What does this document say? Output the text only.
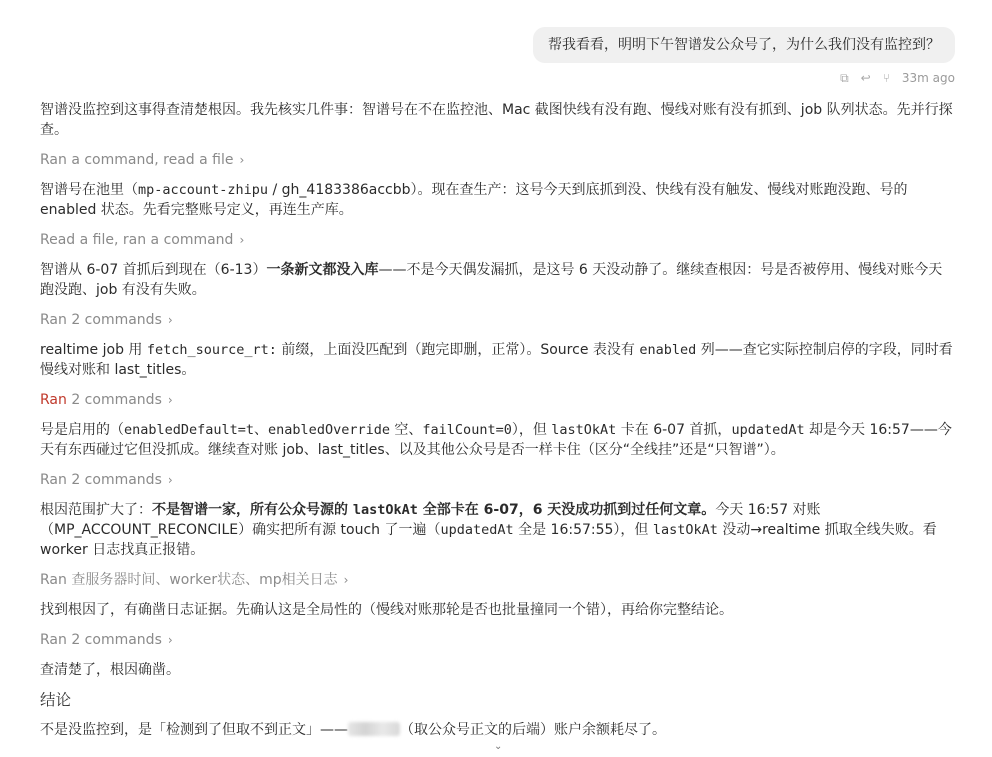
帮我看看，明明下午智谱发公众号了，为什么我们没有监控到？
⧉ ↩ ⑂ 33m ago

智谱没监控到这事得查清楚根因。我先核实几件事：智谱号在不在监控池、Mac 截图快线有没有跑、慢线对账有没有抓到、job 队列状态。先并行探查。

Ran a command, read a file ›

智谱号在池里（mp-account-zhipu / gh_4183386accbb）。现在查生产：这号今天到底抓到没、快线有没有触发、慢线对账跑没跑、号的 enabled 状态。先看完整账号定义，再连生产库。

Read a file, ran a command ›

智谱从 6-07 首抓后到现在（6-13）一条新文都没入库——不是今天偶发漏抓，是这号 6 天没动静了。继续查根因：号是否被停用、慢线对账今天跑没跑、job 有没有失败。

Ran 2 commands ›

realtime job 用 fetch_source_rt: 前缀，上面没匹配到（跑完即删，正常）。Source 表没有 enabled 列——查它实际控制启停的字段，同时看慢线对账和 last_titles。

Ran 2 commands ›

号是启用的（enabledDefault=t、enabledOverride 空、failCount=0），但 lastOkAt 卡在 6-07 首抓，updatedAt 却是今天 16:57——今天有东西碰过它但没抓成。继续查对账 job、last_titles、以及其他公众号是否一样卡住（区分“全线挂”还是“只智谱”）。

Ran 2 commands ›

根因范围扩大了：不是智谱一家，所有公众号源的 lastOkAt 全部卡在 6-07，6 天没成功抓到过任何文章。今天 16:57 对账（MP_ACCOUNT_RECONCILE）确实把所有源 touch 了一遍（updatedAt 全是 16:57:55），但 lastOkAt 没动→realtime 抓取全线失败。看 worker 日志找真正报错。

Ran 查服务器时间、worker状态、mp相关日志 ›

找到根因了，有确凿日志证据。先确认这是全局性的（慢线对账那轮是否也批量撞同一个错），再给你完整结论。

Ran 2 commands ›

查清楚了，根因确凿。

结论

不是没监控到，是「检测到了但取不到正文」——	（取公众号正文的后端）账户余额耗尽了。

⌄
